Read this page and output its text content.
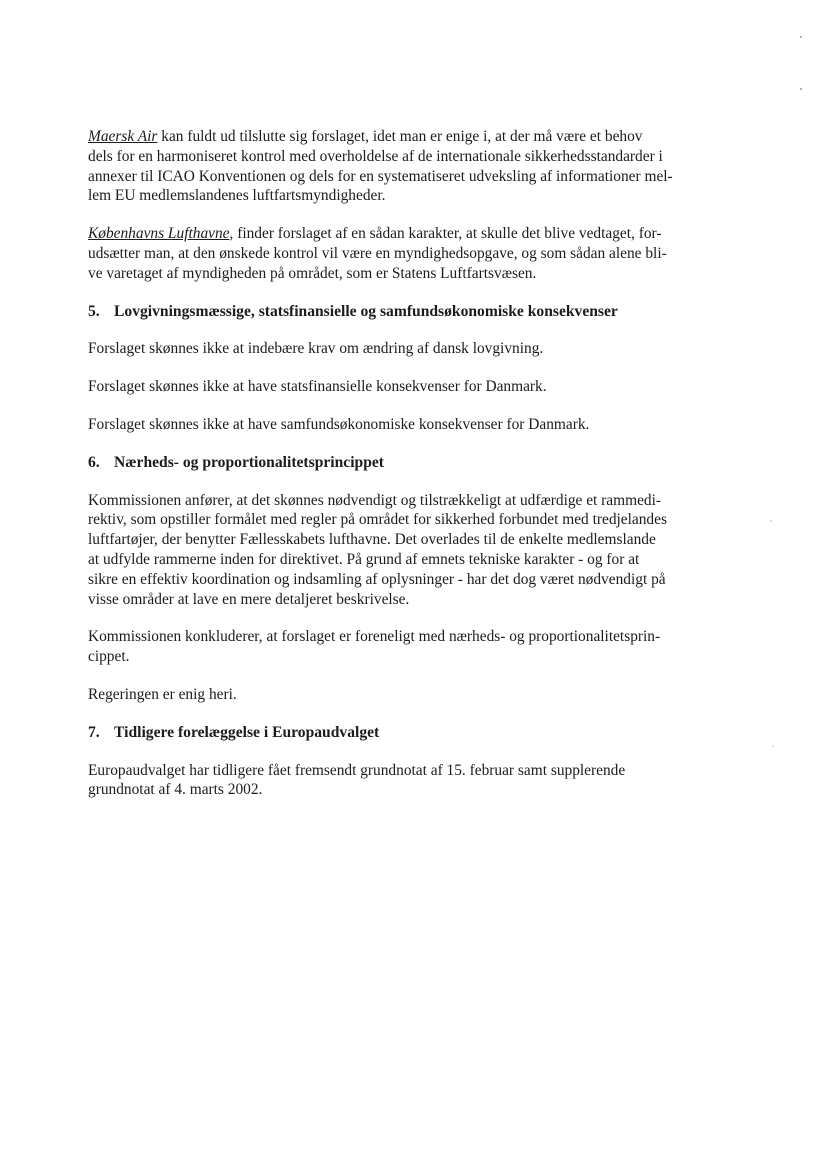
Maersk Air kan fuldt ud tilslutte sig forslaget, idet man er enige i, at der må være et behov
dels for en harmoniseret kontrol med overholdelse af de internationale sikkerhedsstandarder i
annexer til ICAO Konventionen og dels for en systematiseret udveksling af informationer mel-
lem EU medlemslandenes luftfartsmyndigheder.

Københavns Lufthavne, finder forslaget af en sådan karakter, at skulle det blive vedtaget, for-
udsætter man, at den ønskede kontrol vil være en myndighedsopgave, og som sådan alene bli-
ve varetaget af myndigheden på området, som er Statens Luftfartsvæsen.

5. Lovgivningsmæssige, statsfinansielle og samfundsøkonomiske konsekvenser

Forslaget skønnes ikke at indebære krav om ændring af dansk lovgivning.

Forslaget skønnes ikke at have statsfinansielle konsekvenser for Danmark.

Forslaget skønnes ikke at have samfundsøkonomiske konsekvenser for Danmark.

6. Nærheds- og proportionalitetsprincippet

Kommissionen anfører, at det skønnes nødvendigt og tilstrækkeligt at udfærdige et rammedi-
rektiv, som opstiller formålet med regler på området for sikkerhed forbundet med tredjelandes
luftfartøjer, der benytter Fællesskabets lufthavne. Det overlades til de enkelte medlemslande
at udfylde rammerne inden for direktivet. På grund af emnets tekniske karakter - og for at
sikre en effektiv koordination og indsamling af oplysninger - har det dog været nødvendigt på
visse områder at lave en mere detaljeret beskrivelse.

Kommissionen konkluderer, at forslaget er foreneligt med nærheds- og proportionalitetsprin-
cippet.

Regeringen er enig heri.

7. Tidligere forelæggelse i Europaudvalget

Europaudvalget har tidligere fået fremsendt grundnotat af 15. februar samt supplerende
grundnotat af 4. marts 2002.
